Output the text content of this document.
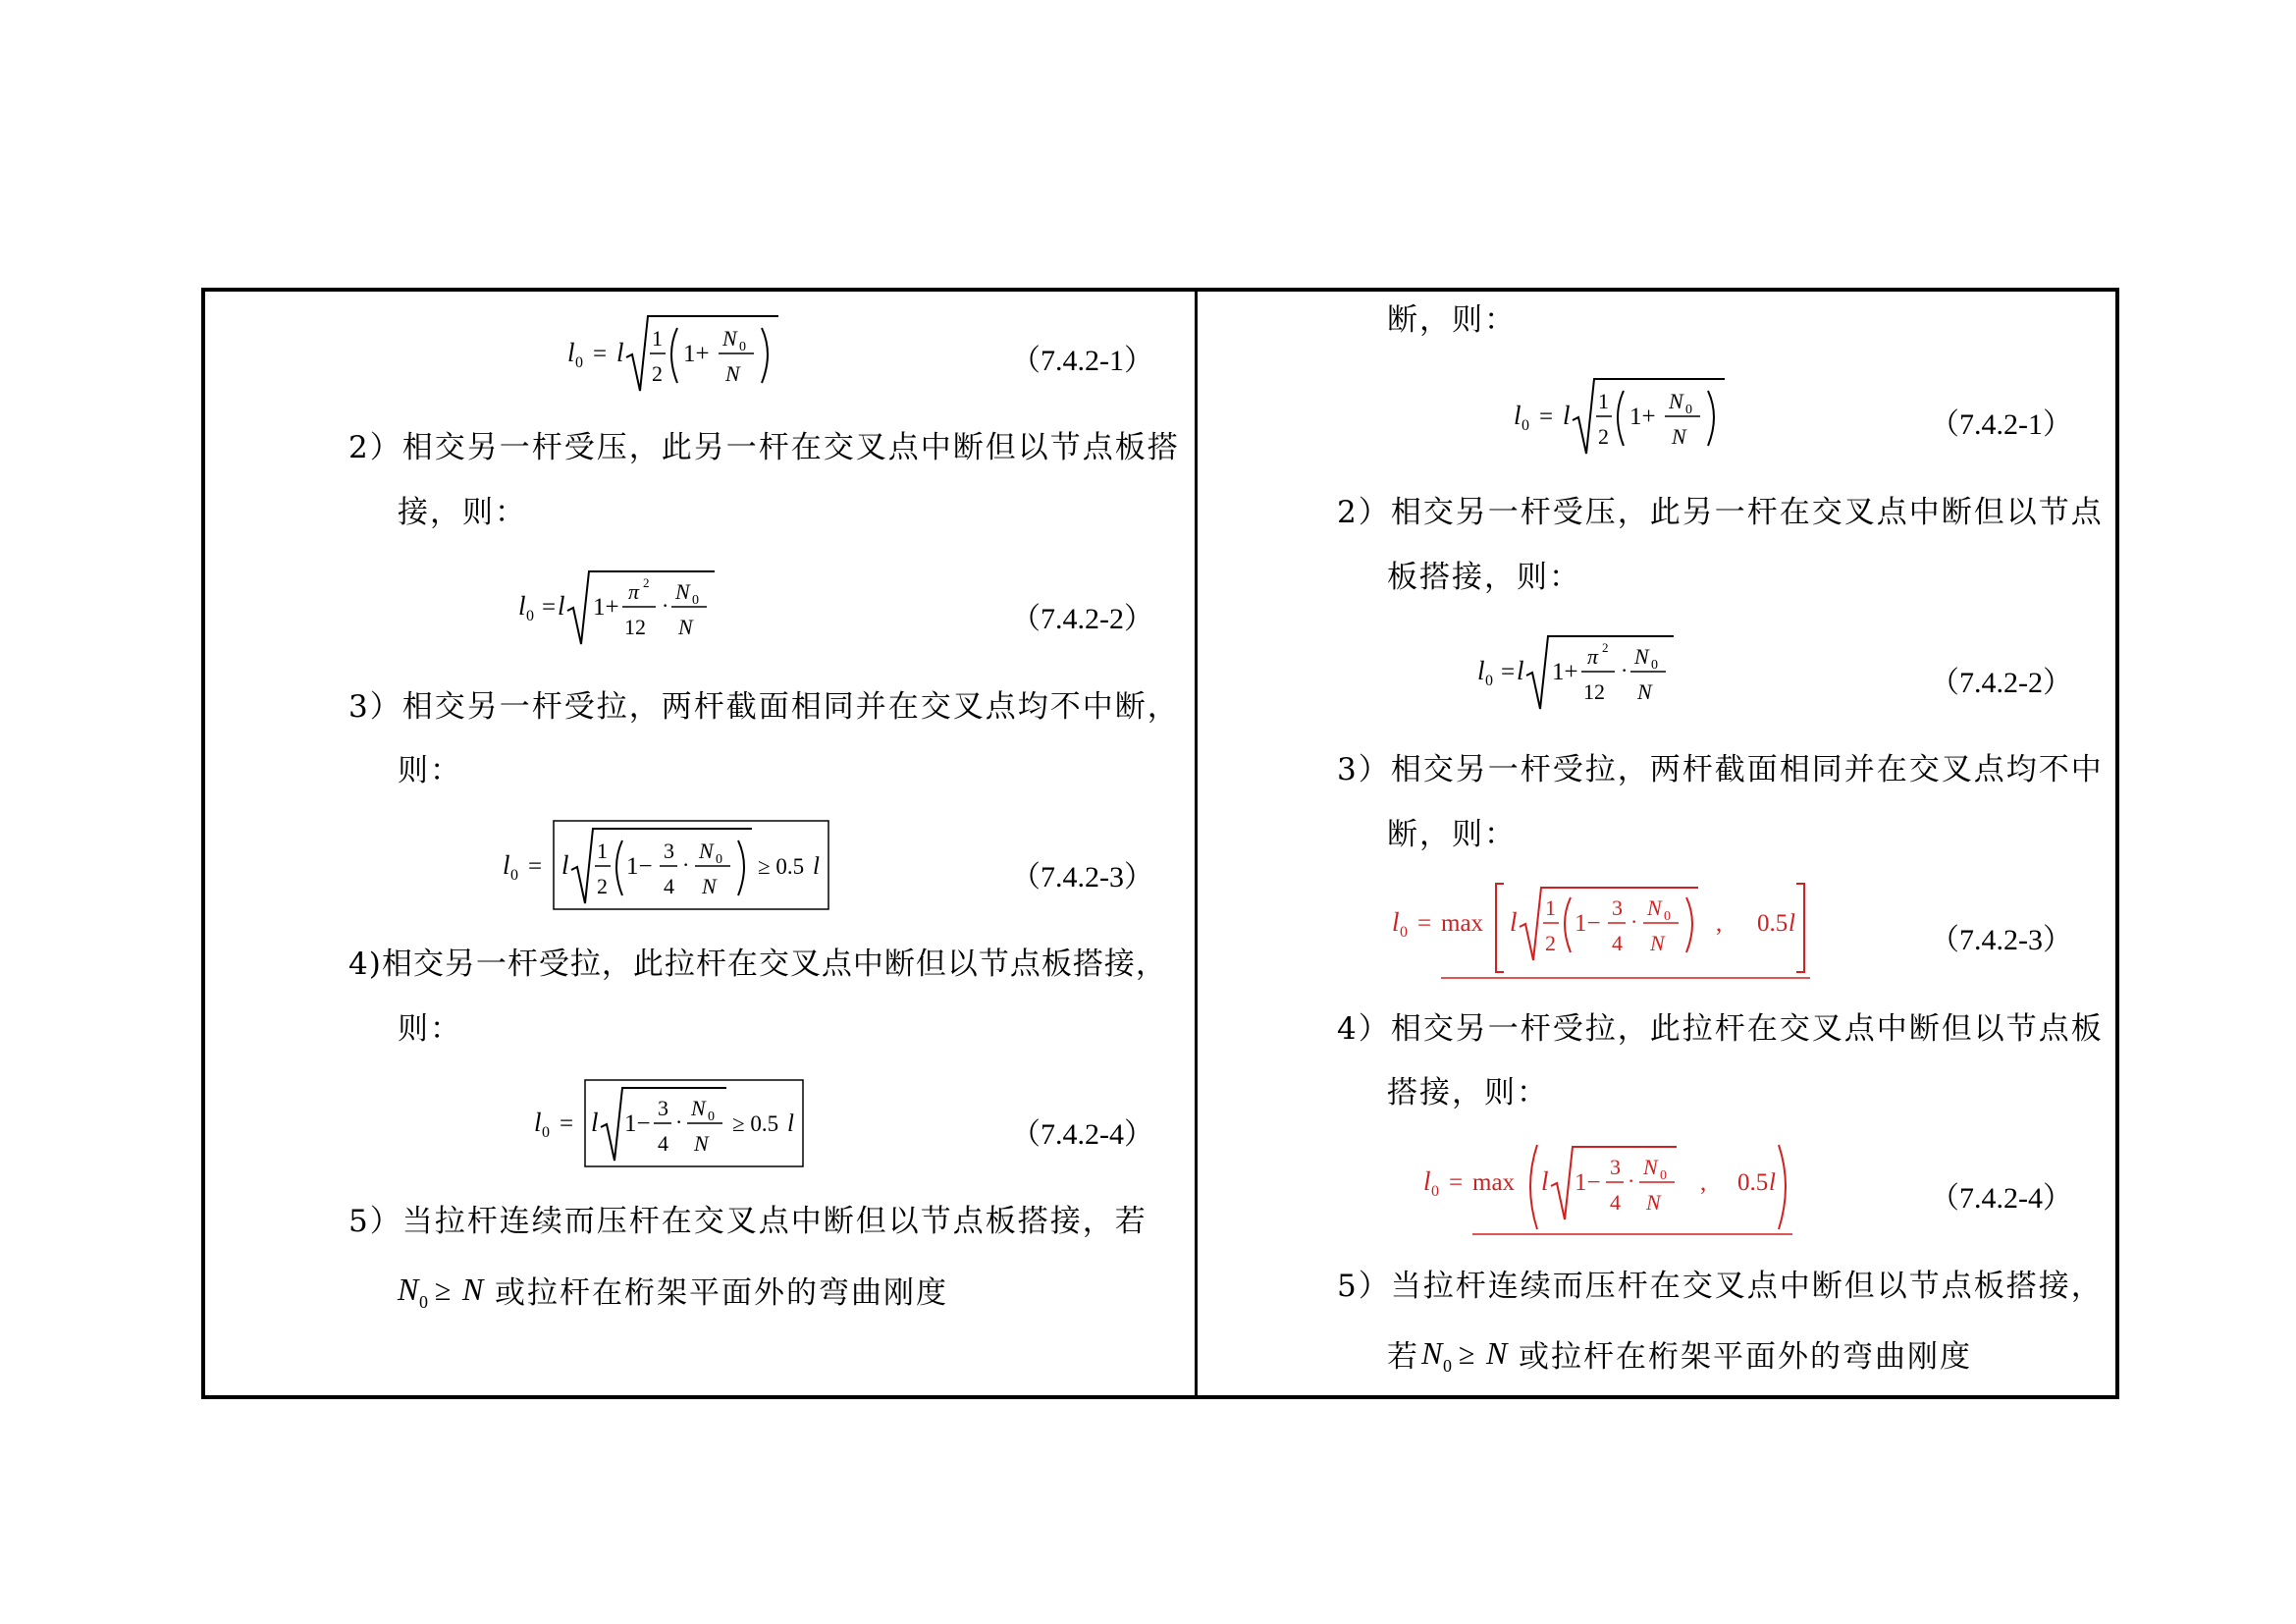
l 0 = l 1
2
1+
N 0
N	（7.4.2-1）
2）相交另一杆受压，此另一杆在交叉点中断但以节点板搭
接，则：
l 0 = l 1+
π 2
12
·
N 0
N	（7.4.2-2）
3）相交另一杆受拉，两杆截面相同并在交叉点均不中断，
则：
l 0 = l 1
2
1−
3
4
·
N 0
N
≥ 0.5 l	（7.4.2-3）
4)相交另一杆受拉，此拉杆在交叉点中断但以节点板搭接，
则：
l 0 = l 1−
3
4
·
N 0
N
≥ 0.5 l	（7.4.2-4）
5）当拉杆连续而压杆在交叉点中断但以节点板搭接，若
N 0 ≥ N 或拉杆在桁架平面外的弯曲刚度
断，则：
l 0 = l 1
2
1+
N 0
N	（7.4.2-1）
2）相交另一杆受压，此另一杆在交叉点中断但以节点
板搭接，则：
l 0 = l 1+
π 2
12
·
N 0
N	（7.4.2-2）
3）相交另一杆受拉，两杆截面相同并在交叉点均不中
断，则：
l 0 = max l 1
2
1−
3
4
·
N 0
N
, 0.5 l
（7.4.2-3）
4）相交另一杆受拉，此拉杆在交叉点中断但以节点板
搭接，则：
l 0 = max l 1−
3
4
·
N 0
N
, 0.5 l	（7.4.2-4）
5）当拉杆连续而压杆在交叉点中断但以节点板搭接，
若 N 0 ≥ N 或拉杆在桁架平面外的弯曲刚度
